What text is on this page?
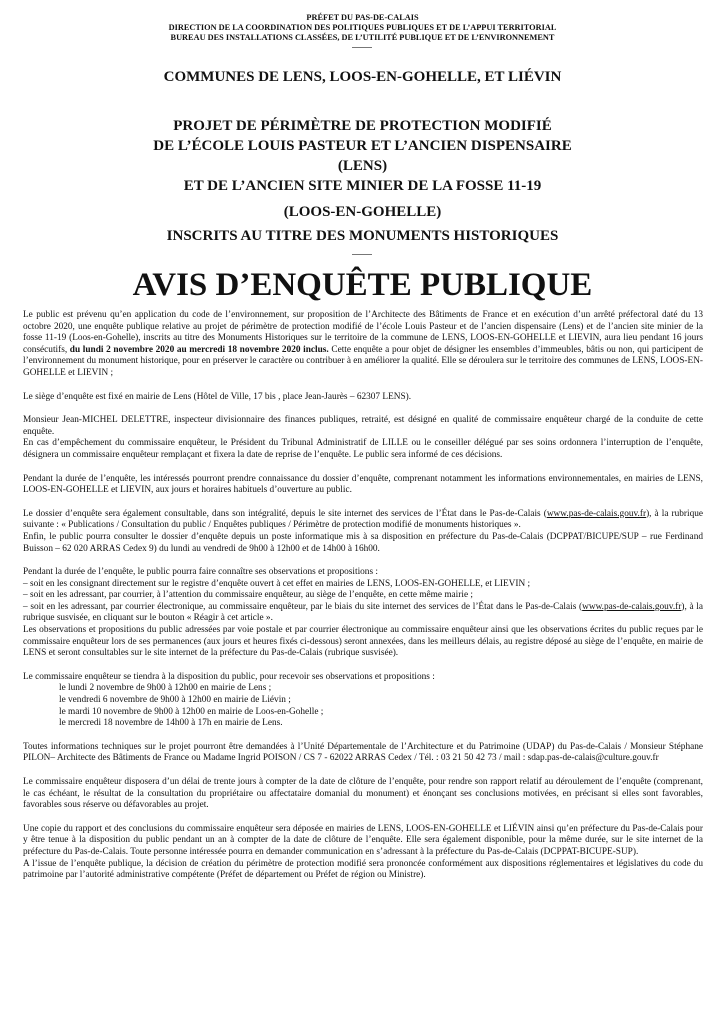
PRÉFET DU PAS-DE-CALAIS
DIRECTION DE LA COORDINATION DES POLITIQUES PUBLIQUES ET DE L’APPUI TERRITORIAL
BUREAU DES INSTALLATIONS CLASSÉES, DE L’UTILITÉ PUBLIQUE ET DE L’ENVIRONNEMENT
COMMUNES DE LENS, LOOS-EN-GOHELLE, ET LIÉVIN
PROJET DE PÉRIMÈTRE DE PROTECTION MODIFIÉ
DE L’ÉCOLE LOUIS PASTEUR ET L’ANCIEN DISPENSAIRE
(LENS)
ET DE L’ANCIEN SITE MINIER DE LA FOSSE 11-19
(LOOS-EN-GOHELLE)
INSCRITS AU TITRE DES MONUMENTS HISTORIQUES
AVIS D’ENQUÊTE PUBLIQUE

Le public est prévenu qu’en application du code de l’environnement, sur proposition de l’Architecte des Bâtiments de France et en exécution d’un arrêté préfectoral daté du 13 octobre 2020, une enquête publique relative au projet de périmètre de protection modifié de l’école Louis Pasteur et de l’ancien dispensaire (Lens) et de l’ancien site minier de la fosse 11-19 (Loos-en-Gohelle), inscrits au titre des Monuments Historiques sur le territoire de la commune de LENS, LOOS-EN-GOHELLE et LIEVIN, aura lieu pendant 16 jours consécutifs, du lundi 2 novembre 2020 au mercredi 18 novembre 2020 inclus. Cette enquête a pour objet de désigner les ensembles d’immeubles, bâtis ou non, qui participent de l’environnement du monument historique, pour en préserver le caractère ou contribuer à en améliorer la qualité. Elle se déroulera sur le territoire des communes de LENS, LOOS-EN-GOHELLE et LIEVIN ;

Le siège d’enquête est fixé en mairie de Lens (Hôtel de Ville, 17 bis , place Jean-Jaurès – 62307 LENS).

Monsieur Jean-MICHEL DELETTRE, inspecteur divisionnaire des finances publiques, retraité, est désigné en qualité de commissaire enquêteur chargé de la conduite de cette enquête.
En cas d’empêchement du commissaire enquêteur, le Président du Tribunal Administratif de LILLE ou le conseiller délégué par ses soins ordonnera l’interruption de l’enquête, désignera un commissaire enquêteur remplaçant et fixera la date de reprise de l’enquête. Le public sera informé de ces décisions.

Pendant la durée de l’enquête, les intéressés pourront prendre connaissance du dossier d’enquête, comprenant notamment les informations environnementales, en mairies de LENS, LOOS-EN-GOHELLE et LIEVIN, aux jours et horaires habituels d’ouverture au public.

Le dossier d’enquête sera également consultable, dans son intégralité, depuis le site internet des services de l’État dans le Pas-de-Calais (www.pas-de-calais.gouv.fr), à la rubrique suivante : « Publications / Consultation du public / Enquêtes publiques / Périmètre de protection modifié de monuments historiques ».
Enfin, le public pourra consulter le dossier d’enquête depuis un poste informatique mis à sa disposition en préfecture du Pas-de-Calais (DCPPAT/BICUPE/SUP – rue Ferdinand Buisson – 62 020 ARRAS Cedex 9) du lundi au vendredi de 9h00 à 12h00 et de 14h00 à 16h00.

Pendant la durée de l’enquête, le public pourra faire connaître ses observations et propositions :
– soit en les consignant directement sur le registre d’enquête ouvert à cet effet en mairies de LENS, LOOS-EN-GOHELLE, et LIEVIN ;
– soit en les adressant, par courrier, à l’attention du commissaire enquêteur, au siège de l’enquête, en cette même mairie ;
– soit en les adressant, par courrier électronique, au commissaire enquêteur, par le biais du site internet des services de l’État dans le Pas-de-Calais (www.pas-de-calais.gouv.fr), à la rubrique susvisée, en cliquant sur le bouton « Réagir à cet article ».
Les observations et propositions du public adressées par voie postale et par courrier électronique au commissaire enquêteur ainsi que les observations écrites du public reçues par le commissaire enquêteur lors de ses permanences (aux jours et heures fixés ci-dessous) seront annexées, dans les meilleurs délais, au registre déposé au siège de l’enquête, en mairie de LENS et seront consultables sur le site internet de la préfecture du Pas-de-Calais (rubrique susvisée).

Le commissaire enquêteur se tiendra à la disposition du public, pour recevoir ses observations et propositions :
le lundi 2 novembre de 9h00 à 12h00 en mairie de Lens ;
le vendredi 6 novembre de 9h00 à 12h00 en mairie de Liévin ;
le mardi 10 novembre de 9h00 à 12h00 en mairie de Loos-en-Gohelle ;
le mercredi 18 novembre de 14h00 à 17h en mairie de Lens.

Toutes informations techniques sur le projet pourront être demandées à l’Unité Départementale de l’Architecture et du Patrimoine (UDAP) du Pas-de-Calais / Monsieur Stéphane PILON– Architecte des Bâtiments de France ou Madame Ingrid POISON / CS 7 - 62022 ARRAS Cedex / Tél. : 03 21 50 42 73 / mail : sdap.pas-de-calais@culture.gouv.fr

Le commissaire enquêteur disposera d’un délai de trente jours à compter de la date de clôture de l’enquête, pour rendre son rapport relatif au déroulement de l’enquête (comprenant, le cas échéant, le résultat de la consultation du propriétaire ou affectataire domanial du monument) et énonçant ses conclusions motivées, en précisant si elles sont favorables, favorables sous réserve ou défavorables au projet.

Une copie du rapport et des conclusions du commissaire enquêteur sera déposée en mairies de LENS, LOOS-EN-GOHELLE et LIÉVIN ainsi qu’en préfecture du Pas-de-Calais pour y être tenue à la disposition du public pendant un an à compter de la date de clôture de l’enquête. Elle sera également disponible, pour la même durée, sur le site internet de la préfecture du Pas-de-Calais. Toute personne intéressée pourra en demander communication en s’adressant à la préfecture du Pas-de-Calais (DCPPAT-BICUPE-SUP).
A l’issue de l’enquête publique, la décision de création du périmètre de protection modifié sera prononcée conformément aux dispositions réglementaires et législatives du code du patrimoine par l’autorité administrative compétente (Préfet de département ou Préfet de région ou Ministre).
